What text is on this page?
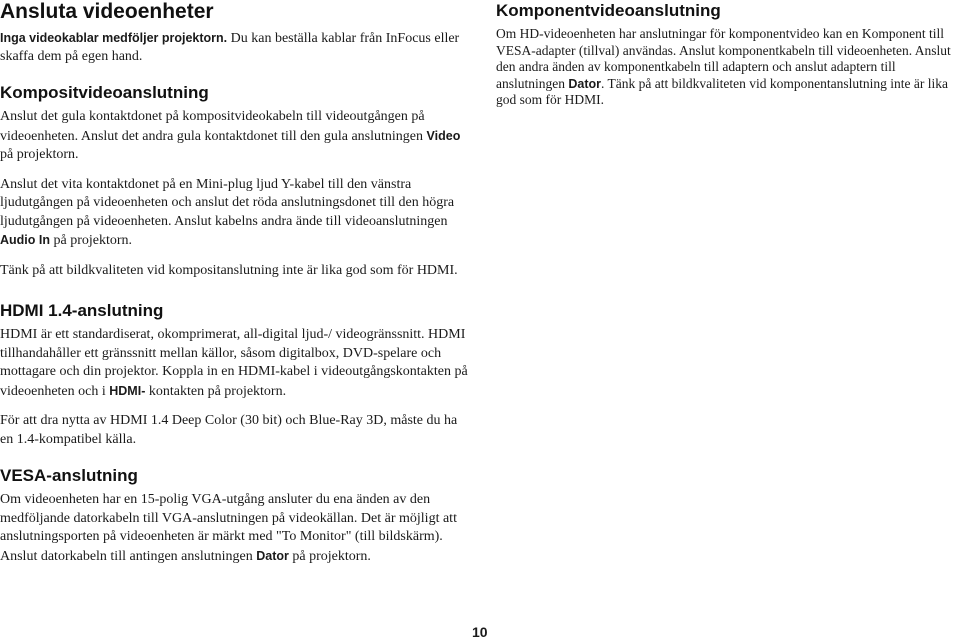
Ansluta videoenheter

Inga videokablar medföljer projektorn. Du kan beställa kablar från InFocus eller skaffa dem på egen hand.

Kompositvideoanslutning

Anslut det gula kontaktdonet på kompositvideokabeln till videoutgången på videoenheten. Anslut det andra gula kontaktdonet till den gula anslutningen Video på projektorn.

Anslut det vita kontaktdonet på en Mini-plug ljud Y-kabel till den vänstra ljudutgången på videoenheten och anslut det röda anslutningsdonet till den högra ljudutgången på videoenheten. Anslut kabelns andra ände till videoanslutningen Audio In på projektorn.

Tänk på att bildkvaliteten vid kompositanslutning inte är lika god som för HDMI.

HDMI 1.4-anslutning

HDMI är ett standardiserat, okomprimerat, all-digital ljud-/ videogränssnitt. HDMI tillhandahåller ett gränssnitt mellan källor, såsom digitalbox, DVD-spelare och mottagare och din projektor. Koppla in en HDMI-kabel i videoutgångskontakten på videoenheten och i HDMI- kontakten på projektorn.

För att dra nytta av HDMI 1.4 Deep Color (30 bit) och Blue-Ray 3D, måste du ha en 1.4-kompatibel källa.

VESA-anslutning

Om videoenheten har en 15-polig VGA-utgång ansluter du ena änden av den medföljande datorkabeln till VGA-anslutningen på videokällan. Det är möjligt att anslutningsporten på videoenheten är märkt med "To Monitor" (till bildskärm). Anslut datorkabeln till antingen anslutningen Dator på projektorn.

Komponentvideoanslutning

Om HD-videoenheten har anslutningar för komponentvideo kan en Komponent till VESA-adapter (tillval) användas. Anslut komponentkabeln till videoenheten. Anslut den andra änden av komponentkabeln till adaptern och anslut adaptern till anslutningen Dator. Tänk på att bildkvaliteten vid komponentanslutning inte är lika god som för HDMI.

10
